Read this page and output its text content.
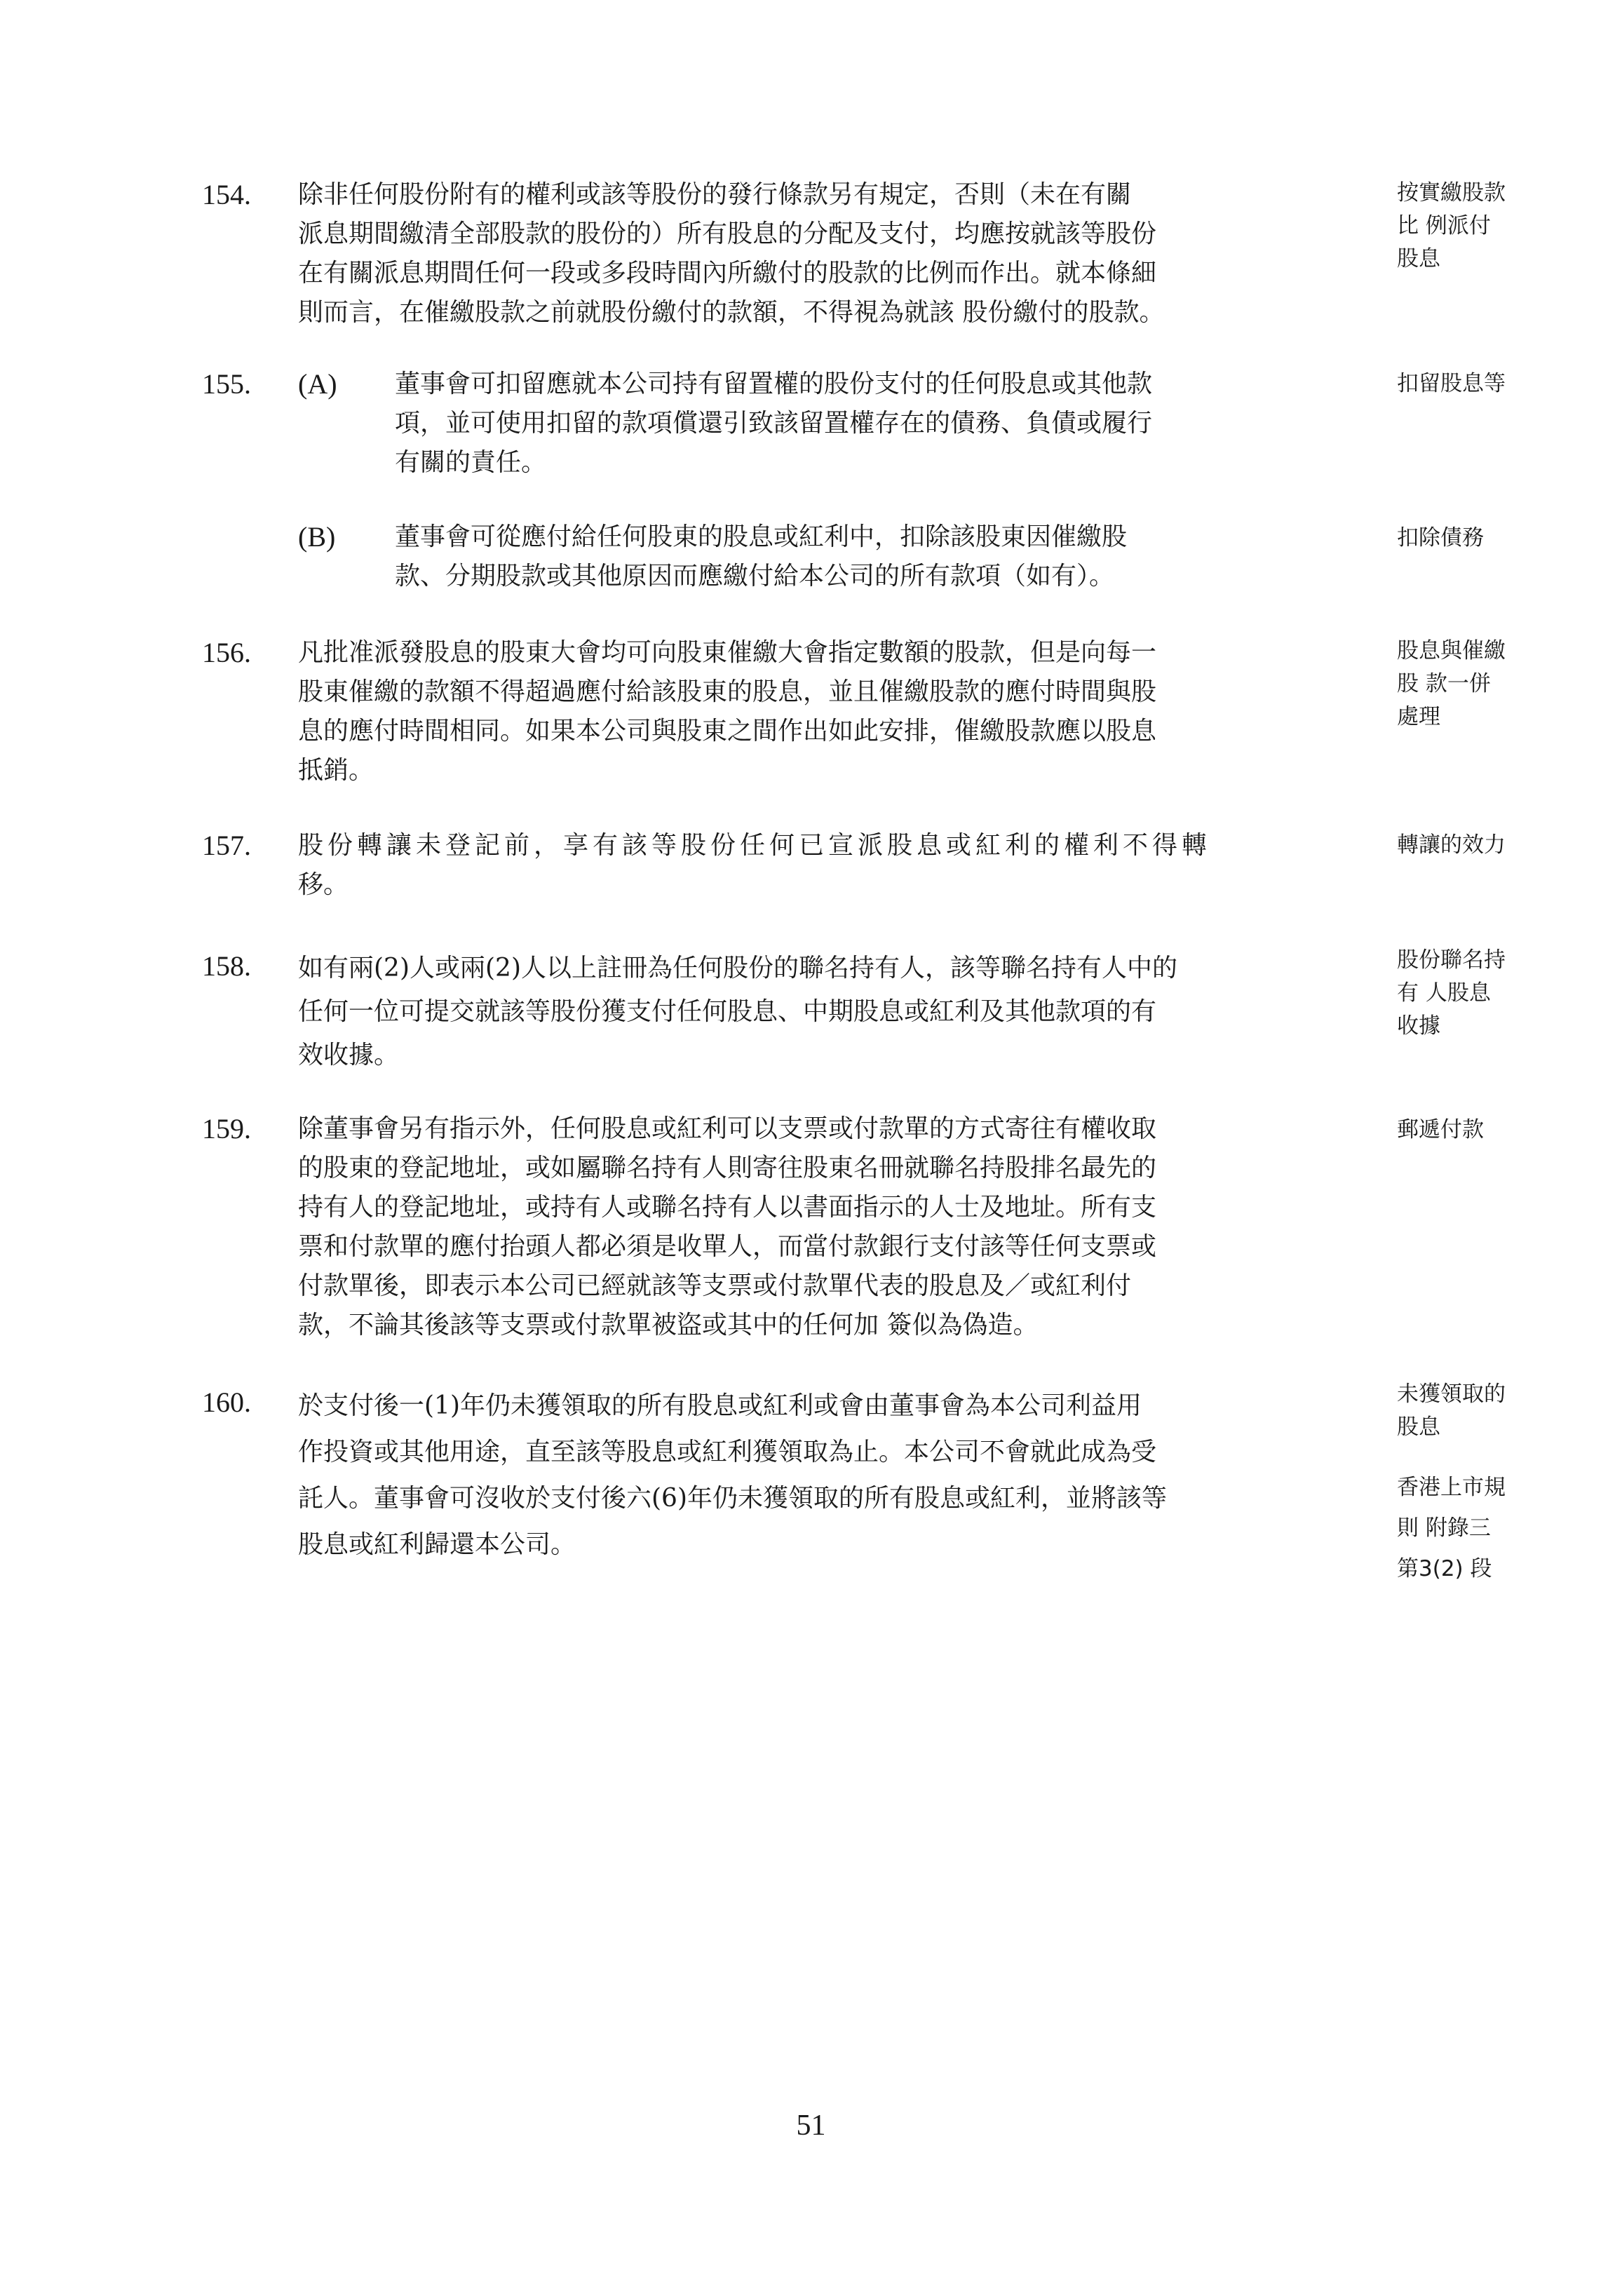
154. 除非任何股份附有的權利或該等股份的發行條款另有規定，否則（未在有關
派息期間繳清全部股款的股份的）所有股息的分配及支付，均應按就該等股份
在有關派息期間任何一段或多段時間內所繳付的股款的比例而作出。就本條細
則而言，在催繳股款之前就股份繳付的款額，不得視為就該 股份繳付的股款。
按實繳股款
比 例派付
股息
155. (A) 董事會可扣留應就本公司持有留置權的股份支付的任何股息或其他款
項，並可使用扣留的款項償還引致該留置權存在的債務、負債或履行
有關的責任。
扣留股息等
(B) 董事會可從應付給任何股東的股息或紅利中，扣除該股東因催繳股
款、分期股款或其他原因而應繳付給本公司的所有款項（如有）。
扣除債務
156. 凡批准派發股息的股東大會均可向股東催繳大會指定數額的股款，但是向每一
股東催繳的款額不得超過應付給該股東的股息，並且催繳股款的應付時間與股
息的應付時間相同。如果本公司與股東之間作出如此安排，催繳股款應以股息
抵銷。
股息與催繳
股 款一併
處理
157. 股份轉讓未登記前，享有該等股份任何已宣派股息或紅利的權利不得轉
移。
轉讓的效力
158. 如有兩(2)人或兩(2)人以上註冊為任何股份的聯名持有人，該等聯名持有人中的
任何一位可提交就該等股份獲支付任何股息、中期股息或紅利及其他款項的有
效收據。
股份聯名持
有 人股息
收據
159. 除董事會另有指示外，任何股息或紅利可以支票或付款單的方式寄往有權收取
的股東的登記地址，或如屬聯名持有人則寄往股東名冊就聯名持股排名最先的
持有人的登記地址，或持有人或聯名持有人以書面指示的人士及地址。所有支
票和付款單的應付抬頭人都必須是收單人，而當付款銀行支付該等任何支票或
付款單後，即表示本公司已經就該等支票或付款單代表的股息及／或紅利付
款，不論其後該等支票或付款單被盜或其中的任何加 簽似為偽造。
郵遞付款
160. 於支付後一(1)年仍未獲領取的所有股息或紅利或會由董事會為本公司利益用
作投資或其他用途，直至該等股息或紅利獲領取為止。本公司不會就此成為受
託人。董事會可沒收於支付後六(6)年仍未獲領取的所有股息或紅利，並將該等
股息或紅利歸還本公司。
未獲領取的
股息
香港上市規
則 附錄三
第3(2) 段
51
